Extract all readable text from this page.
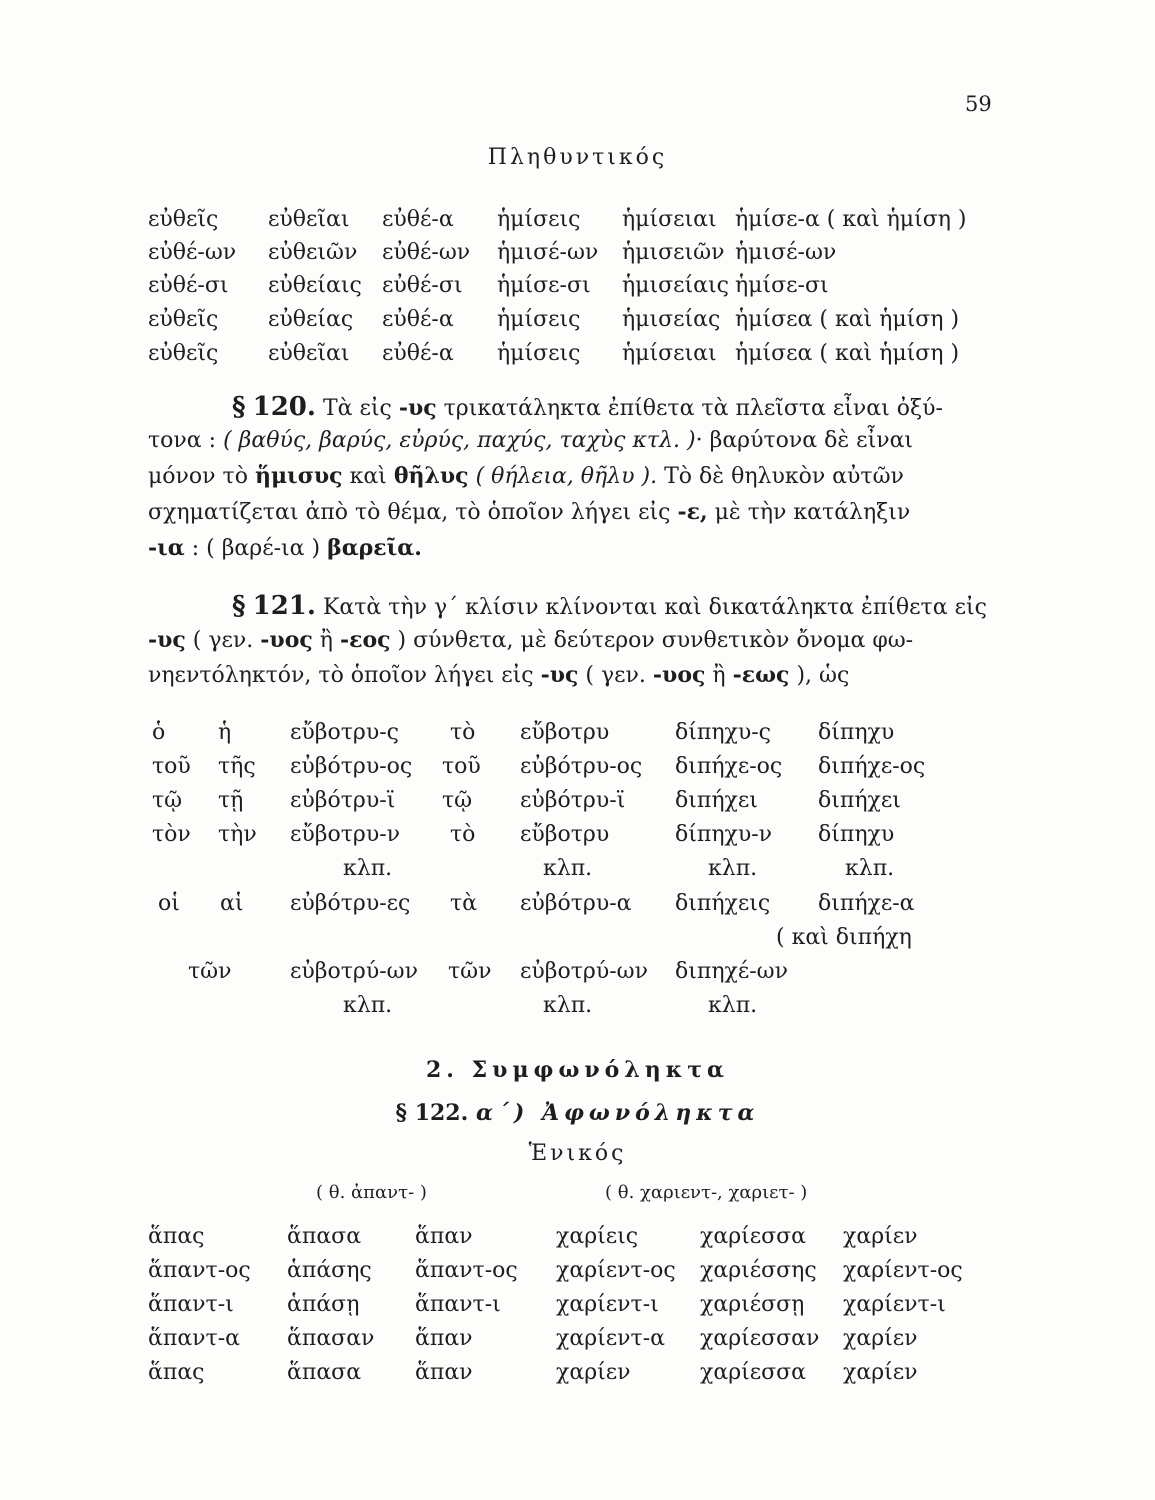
59
Πληθυντικός
εὐθεῖς εὐθεῖαι εὐθέ-α ἡμίσεις ἡμίσειαι ἡμίσε-α ( καὶ ἡμίση )
εὐθέ-ων εὐθειῶν εὐθέ-ων ἡμισέ-ων ἡμισειῶν ἡμισέ-ων
εὐθέ-σι εὐθείαις εὐθέ-σι ἡμίσε-σι ἡμισείαις ἡμίσε-σι
εὐθεῖς εὐθείας εὐθέ-α ἡμίσεις ἡμισείας ἡμίσεα ( καὶ ἡμίση )
εὐθεῖς εὐθεῖαι εὐθέ-α ἡμίσεις ἡμίσειαι ἡμίσεα ( καὶ ἡμίση )
§ 120. Τὰ εἰς -υς τρικατάληκτα ἐπίθετα τὰ πλεῖστα εἶναι ὀξύ-
τονα : ( βαθύς, βαρύς, εὐρύς, παχύς, ταχὺς κτλ. )· βαρύτονα δὲ εἶναι
μόνον τὸ ἥμισυς καὶ θῆλυς ( θήλεια, θῆλυ ). Τὸ δὲ θηλυκὸν αὐτῶν
σχηματίζεται ἀπὸ τὸ θέμα, τὸ ὁποῖον λήγει εἰς -ε, μὲ τὴν κατάληξιν
-ια : ( βαρέ-ια ) βαρεῖα.
§ 121. Κατὰ τὴν γ΄ κλίσιν κλίνονται καὶ δικατάληκτα ἐπίθετα εἰς
-υς ( γεν. -υος ἢ -εος ) σύνθετα, μὲ δεύτερον συνθετικὸν ὄνομα φω-
νηεντόληκτόν, τὸ ὁποῖον λήγει εἰς -υς ( γεν. -υος ἢ -εως ), ὡς
ὁ ἡ	εὔβοτρυ-ς τὸ εὔβοτρυ	δίπηχυ-ς δίπηχυ
τοῦ τῆς εὐβότρυ-ος τοῦ εὐβότρυ-ος διπήχε-ος διπήχε-ος
τῷ τῇ εὐβότρυ-ϊ τῷ εὐβότρυ-ϊ διπήχει	διπήχει
τὸν τὴν εὔβοτρυ-ν τὸ εὔβοτρυ	δίπηχυ-ν δίπηχυ
κλπ.	κλπ.	κλπ.	κλπ.
οἱ αἱ εὐβότρυ-ες τὰ εὐβότρυ-α διπήχεις διπήχε-α
( καὶ διπήχη
τῶν	εὐβοτρύ-ων τῶν εὐβοτρύ-ων διπηχέ-ων
κλπ.	κλπ.	κλπ.
2. Συμφωνόληκτα
§ 122. α΄) Ἀφωνόληκτα
Ἑνικός
( θ. ἀπαντ- )	( θ. χαριεντ-, χαριετ- )
ἅπας	ἅπασα ἅπαν	χαρίεις	χαρίεσσα χαρίεν
ἅπαντ-ος ἁπάσης ἅπαντ-ος χαρίεντ-ος χαριέσσης χαρίεντ-ος
ἅπαντ-ι ἁπάσῃ	ἅπαντ-ι	χαρίεντ-ι χαριέσσῃ χαρίεντ-ι
ἅπαντ-α ἅπασαν ἅπαν	χαρίεντ-α χαρίεσσαν χαρίεν
ἅπας	ἅπασα ἅπαν	χαρίεν	χαρίεσσα χαρίεν
